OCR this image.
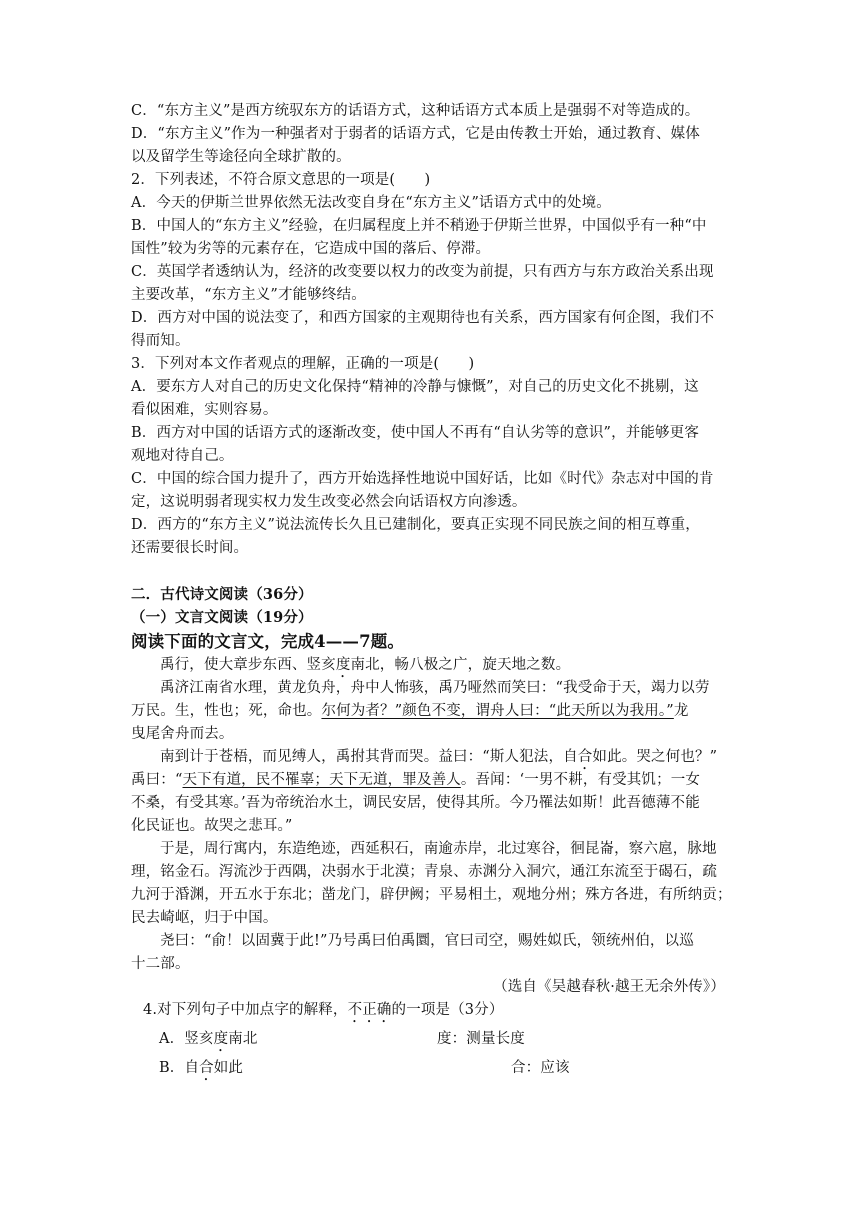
C．“东方主义”是西方统驭东方的话语方式，这种话语方式本质上是强弱不对等造成的。
D．“东方主义”作为一种强者对于弱者的话语方式，它是由传教士开始，通过教育、媒体
以及留学生等途径向全球扩散的。
2．下列表述，不符合原文意思的一项是(　　)
A．今天的伊斯兰世界依然无法改变自身在“东方主义”话语方式中的处境。
B．中国人的“东方主义”经验，在归属程度上并不稍逊于伊斯兰世界，中国似乎有一种“中
国性”较为劣等的元素存在，它造成中国的落后、停滞。
C．英国学者透纳认为，经济的改变要以权力的改变为前提，只有西方与东方政治关系出现
主要改革，“东方主义”才能够终结。
D．西方对中国的说法变了，和西方国家的主观期待也有关系，西方国家有何企图，我们不
得而知。
3．下列对本文作者观点的理解，正确的一项是(　　)
A．要东方人对自己的历史文化保持“精神的冷静与慷慨”，对自己的历史文化不挑剔，这
看似困难，实则容易。
B．西方对中国的话语方式的逐渐改变，使中国人不再有“自认劣等的意识”，并能够更客
观地对待自己。
C．中国的综合国力提升了，西方开始选择性地说中国好话，比如《时代》杂志对中国的肯
定，这说明弱者现实权力发生改变必然会向话语权方向渗透。
D．西方的“东方主义”说法流传长久且已建制化，要真正实现不同民族之间的相互尊重，
还需要很长时间。
二．古代诗文阅读（36分）
（一）文言文阅读（19分）
阅读下面的文言文，完成4——7题。
禹行，使大章步东西、竖亥度南北，畅八极之广，旋天地之数。
禹济江南省水理，黄龙负舟，舟中人怖骇，禹乃哑然而笑曰：“我受命于天，竭力以劳
万民。生，性也；死，命也。尔何为者？”颜色不变，谓舟人曰：“此天所以为我用。”龙
曳尾舍舟而去。
南到计于苍梧，而见缚人，禹拊其背而哭。益曰：“斯人犯法，自合如此。哭之何也？”
禹曰：“天下有道，民不罹辜；天下无道，罪及善人。吾闻：‘一男不耕，有受其饥；一女
不桑，有受其寒。’吾为帝统治水土，调民安居，使得其所。今乃罹法如斯！此吾德薄不能
化民证也。故哭之悲耳。”
于是，周行寓内，东造绝迹，西延积石，南逾赤岸，北过寒谷，徊昆崙，察六扈，脉地
理，铭金石。泻流沙于西隅，决弱水于北漠；青泉、赤渊分入洞穴，通江东流至于碣石，疏
九河于涽渊，开五水于东北；凿龙门，辟伊阙；平易相土，观地分州；殊方各进，有所纳贡；
民去崎岖，归于中国。
尧曰：“俞！以固冀于此!”乃号禹曰伯禹圜，官曰司空，赐姓姒氏，领统州伯，以巡
十二部。
（选自《吴越春秋·越王无余外传》）
4.对下列句子中加点字的解释，不正确的一项是（3分）
A．竖亥度南北	度：测量长度
B．自合如此	合：应该
